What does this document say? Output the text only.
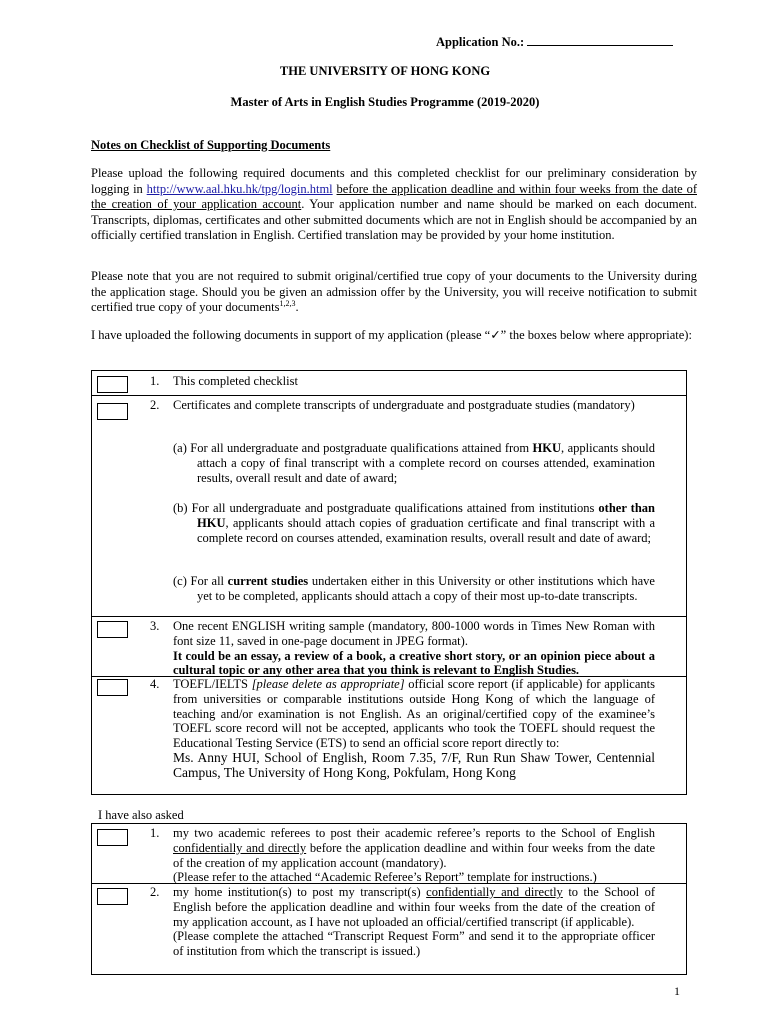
Application No.:
THE UNIVERSITY OF HONG KONG
Master of Arts in English Studies Programme (2019-2020)
Notes on Checklist of Supporting Documents
Please upload the following required documents and this completed checklist for our preliminary consideration by logging in http://www.aal.hku.hk/tpg/login.html before the application deadline and within four weeks from the date of the creation of your application account. Your application number and name should be marked on each document. Transcripts, diplomas, certificates and other submitted documents which are not in English should be accompanied by an officially certified translation in English. Certified translation may be provided by your home institution.
Please note that you are not required to submit original/certified true copy of your documents to the University during the application stage. Should you be given an admission offer by the University, you will receive notification to submit certified true copy of your documents$^{1,2,3}$.
I have uploaded the following documents in support of my application (please “✓” the boxes below where appropriate):
1. This completed checklist
2. Certificates and complete transcripts of undergraduate and postgraduate studies (mandatory)
(a) For all undergraduate and postgraduate qualifications attained from HKU, applicants should attach a copy of final transcript with a complete record on courses attended, examination results, overall result and date of award;
(b) For all undergraduate and postgraduate qualifications attained from institutions other than HKU, applicants should attach copies of graduation certificate and final transcript with a complete record on courses attended, examination results, overall result and date of award;
(c) For all current studies undertaken either in this University or other institutions which have yet to be completed, applicants should attach a copy of their most up-to-date transcripts.
3. One recent ENGLISH writing sample (mandatory, 800-1000 words in Times New Roman with font size 11, saved in one-page document in JPEG format).
It could be an essay, a review of a book, a creative short story, or an opinion piece about a cultural topic or any other area that you think is relevant to English Studies.
4. TOEFL/IELTS [please delete as appropriate] official score report (if applicable) for applicants from universities or comparable institutions outside Hong Kong of which the language of teaching and/or examination is not English. As an original/certified copy of the examinee’s TOEFL score record will not be accepted, applicants who took the TOEFL should request the Educational Testing Service (ETS) to send an official score report directly to:
Ms. Anny HUI, School of English, Room 7.35, 7/F, Run Run Shaw Tower, Centennial Campus, The University of Hong Kong, Pokfulam, Hong Kong
I have also asked
1. my two academic referees to post their academic referee’s reports to the School of English confidentially and directly before the application deadline and within four weeks from the date of the creation of my application account (mandatory).
(Please refer to the attached “Academic Referee’s Report” template for instructions.)
2. my home institution(s) to post my transcript(s) confidentially and directly to the School of English before the application deadline and within four weeks from the date of the creation of my application account, as I have not uploaded an official/certified transcript (if applicable).
(Please complete the attached “Transcript Request Form” and send it to the appropriate officer of institution from which the transcript is issued.)
1
